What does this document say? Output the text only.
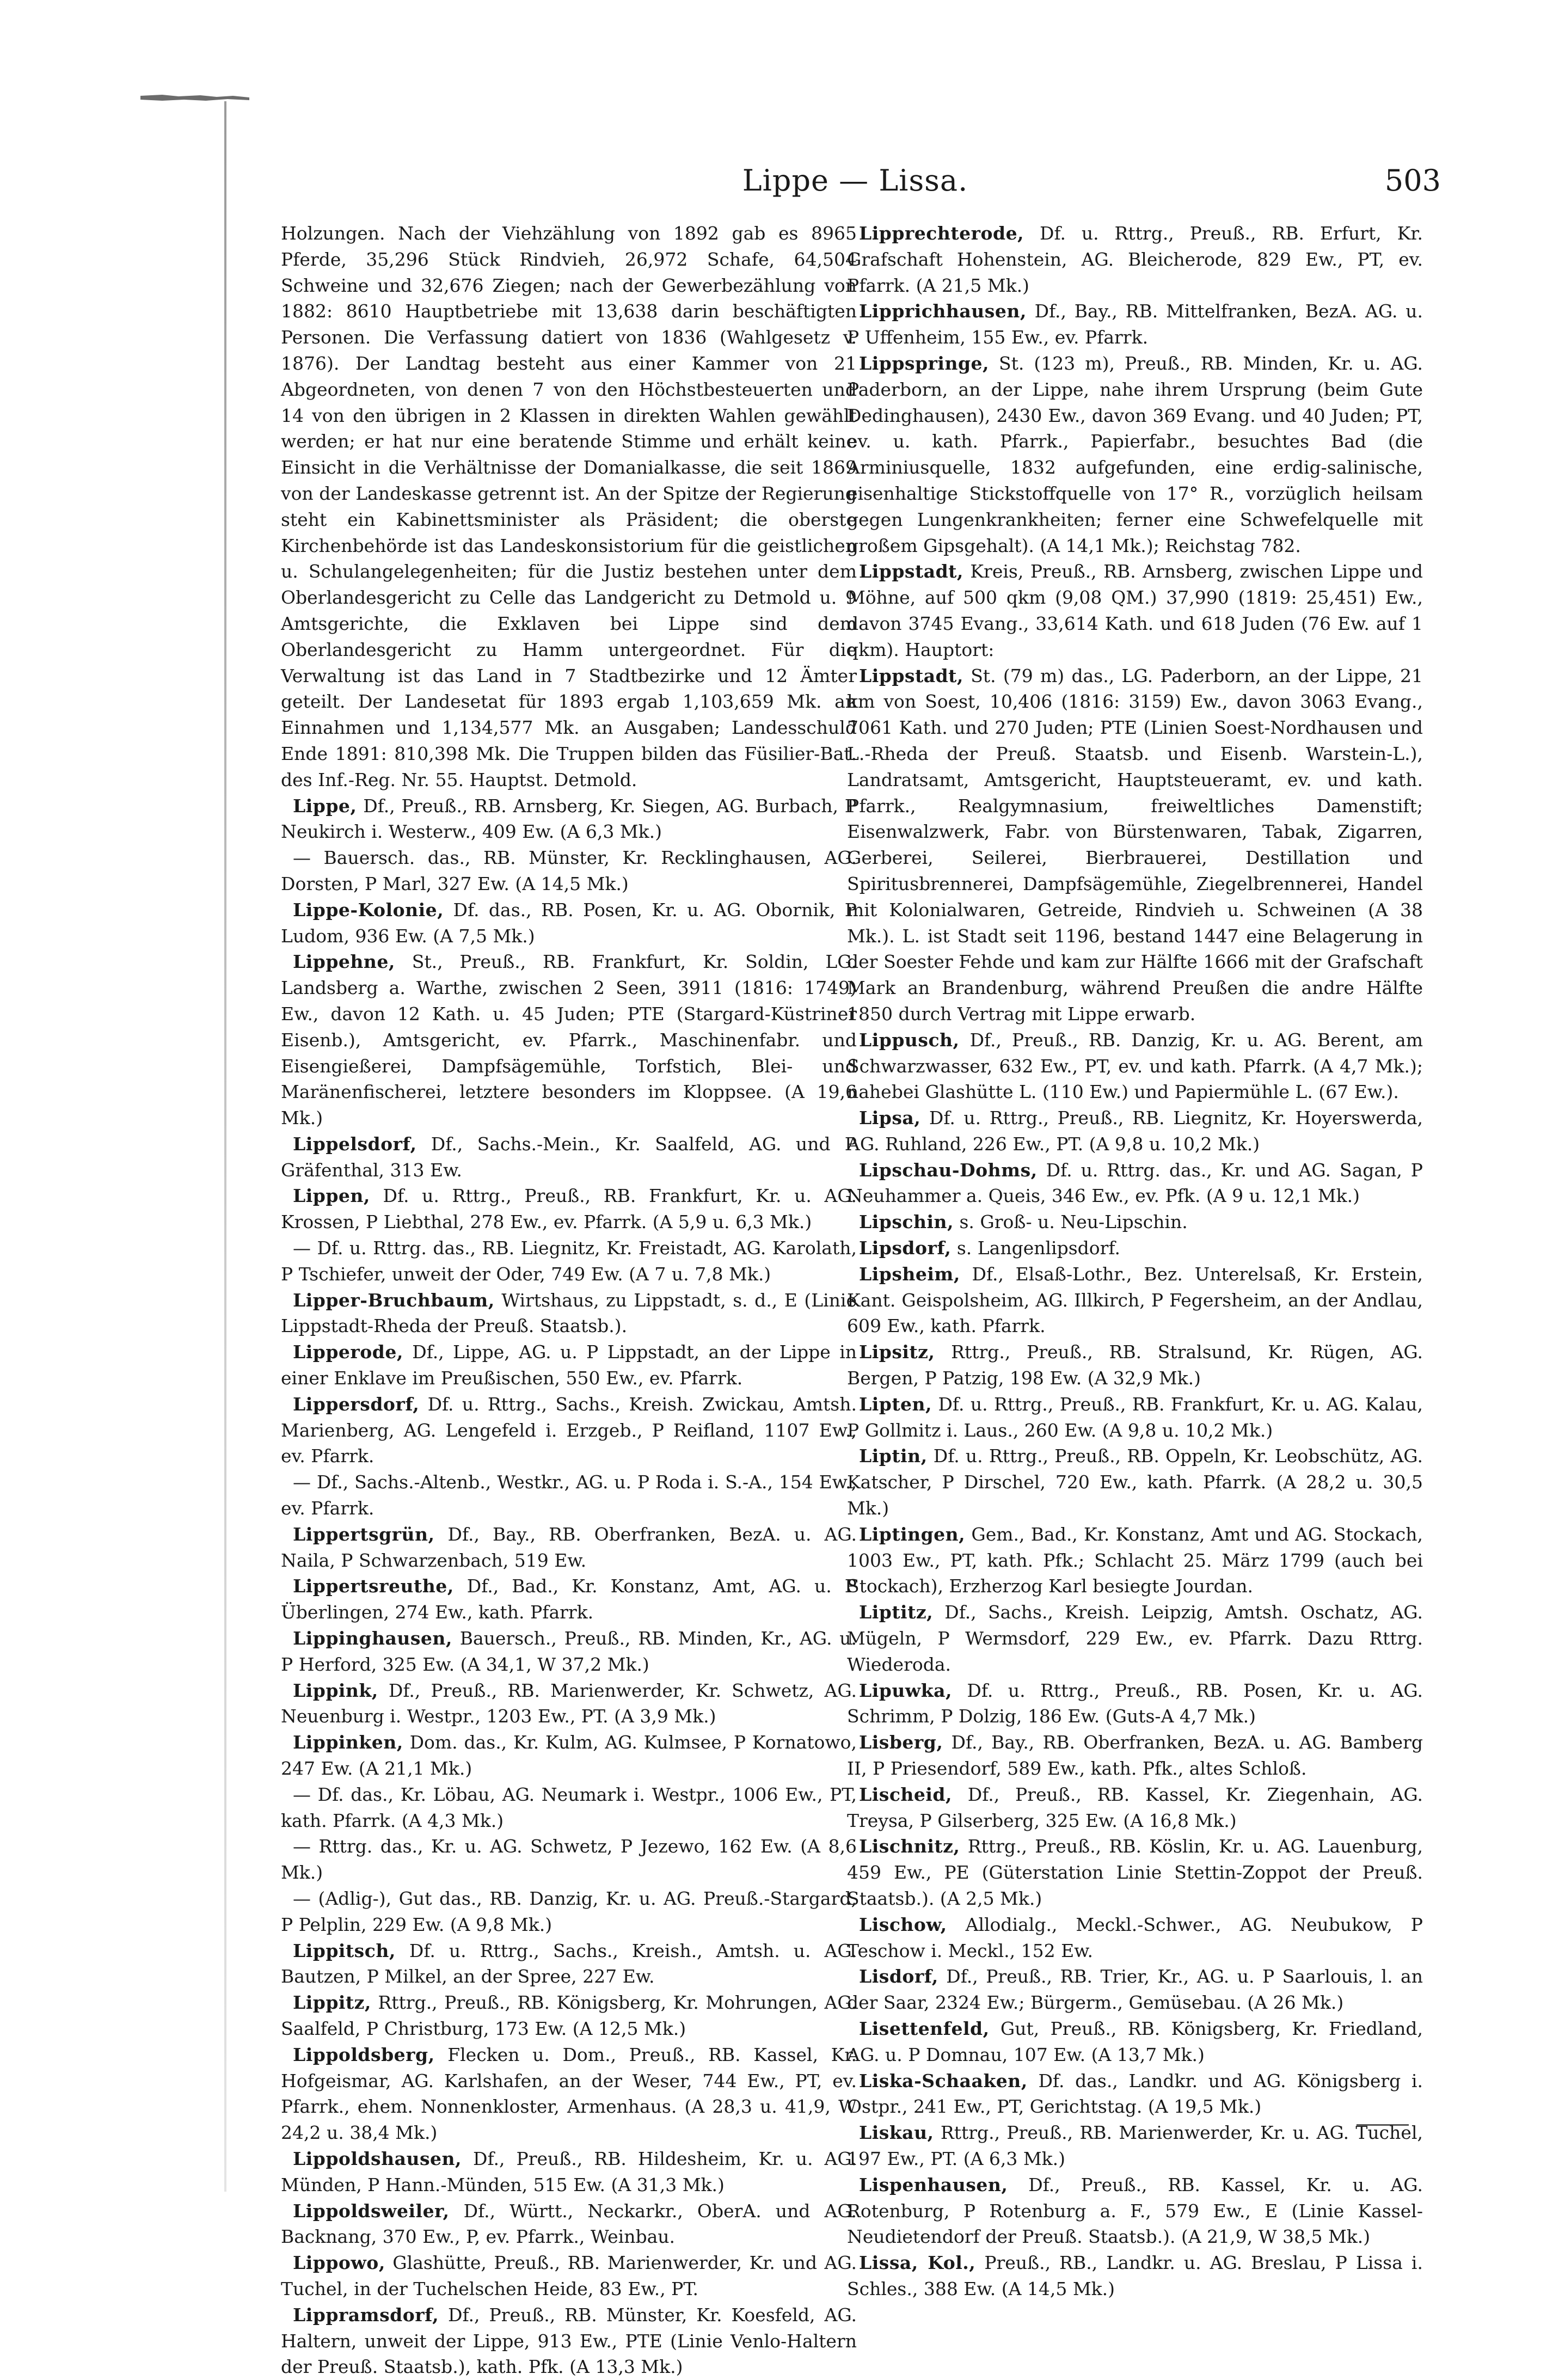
Lippe — Lissa.	503

Holzungen. Nach der Viehzählung von 1892 gab es 8965 Pferde, 35,296 Stück Rindvieh, 26,972 Schafe, 64,504 Schweine und 32,676 Ziegen; nach der Gewerbezählung von 1882: 8610 Hauptbetriebe mit 13,638 darin beschäftigten Personen. Die Verfassung datiert von 1836 (Wahlgesetz v. 1876). Der Landtag besteht aus einer Kammer von 21 Abgeordneten, von denen 7 von den Höchstbesteuerten und 14 von den übrigen in 2 Klassen in direkten Wahlen gewählt werden; er hat nur eine beratende Stimme und erhält keine Einsicht in die Verhältnisse der Domanialkasse, die seit 1869 von der Landeskasse getrennt ist. An der Spitze der Regierung steht ein Kabinettsminister als Präsident; die oberste Kirchenbehörde ist das Landeskonsistorium für die geistlichen u. Schulangelegenheiten; für die Justiz bestehen unter dem Oberlandesgericht zu Celle das Landgericht zu Detmold u. 9 Amtsgerichte, die Exklaven bei Lippe sind dem Oberlandesgericht zu Hamm untergeordnet. Für die Verwaltung ist das Land in 7 Stadtbezirke und 12 Ämter geteilt. Der Landesetat für 1893 ergab 1,103,659 Mk. an Einnahmen und 1,134,577 Mk. an Ausgaben; Landesschuld Ende 1891: 810,398 Mk. Die Truppen bilden das Füsilier-Bat. des Inf.-Reg. Nr. 55. Hauptst. Detmold.

Lippe, Df., Preuß., RB. Arnsberg, Kr. Siegen, AG. Burbach, P Neukirch i. Westerw., 409 Ew. (A 6,3 Mk.)

— Bauersch. das., RB. Münster, Kr. Recklinghausen, AG. Dorsten, P Marl, 327 Ew. (A 14,5 Mk.)

Lippe-Kolonie, Df. das., RB. Posen, Kr. u. AG. Obornik, P Ludom, 936 Ew. (A 7,5 Mk.)

Lippehne, St., Preuß., RB. Frankfurt, Kr. Soldin, LG. Landsberg a. Warthe, zwischen 2 Seen, 3911 (1816: 1749) Ew., davon 12 Kath. u. 45 Juden; PTE (Stargard-Küstriner Eisenb.), Amtsgericht, ev. Pfarrk., Maschinenfabr. und Eisengießerei, Dampfsägemühle, Torfstich, Blei- und Maränenfischerei, letztere besonders im Kloppsee. (A 19,6 Mk.)

Lippelsdorf, Df., Sachs.-Mein., Kr. Saalfeld, AG. und P Gräfenthal, 313 Ew.

Lippen, Df. u. Rttrg., Preuß., RB. Frankfurt, Kr. u. AG. Krossen, P Liebthal, 278 Ew., ev. Pfarrk. (A 5,9 u. 6,3 Mk.)

— Df. u. Rttrg. das., RB. Liegnitz, Kr. Freistadt, AG. Karolath, P Tschiefer, unweit der Oder, 749 Ew. (A 7 u. 7,8 Mk.)

Lipper-Bruchbaum, Wirtshaus, zu Lippstadt, s. d., E (Linie Lippstadt-Rheda der Preuß. Staatsb.).

Lipperode, Df., Lippe, AG. u. P Lippstadt, an der Lippe in einer Enklave im Preußischen, 550 Ew., ev. Pfarrk.

Lippersdorf, Df. u. Rttrg., Sachs., Kreish. Zwickau, Amtsh. Marienberg, AG. Lengefeld i. Erzgeb., P Reifland, 1107 Ew., ev. Pfarrk.

— Df., Sachs.-Altenb., Westkr., AG. u. P Roda i. S.-A., 154 Ew., ev. Pfarrk.

Lippertsgrün, Df., Bay., RB. Oberfranken, BezA. u. AG. Naila, P Schwarzenbach, 519 Ew.

Lippertsreuthe, Df., Bad., Kr. Konstanz, Amt, AG. u. P Überlingen, 274 Ew., kath. Pfarrk.

Lippinghausen, Bauersch., Preuß., RB. Minden, Kr., AG. u. P Herford, 325 Ew. (A 34,1, W 37,2 Mk.)

Lippink, Df., Preuß., RB. Marienwerder, Kr. Schwetz, AG. Neuenburg i. Westpr., 1203 Ew., PT. (A 3,9 Mk.)

Lippinken, Dom. das., Kr. Kulm, AG. Kulmsee, P Kornatowo, 247 Ew. (A 21,1 Mk.)

— Df. das., Kr. Löbau, AG. Neumark i. Westpr., 1006 Ew., PT, kath. Pfarrk. (A 4,3 Mk.)

— Rttrg. das., Kr. u. AG. Schwetz, P Jezewo, 162 Ew. (A 8,6 Mk.)

— (Adlig-), Gut das., RB. Danzig, Kr. u. AG. Preuß.-Stargard, P Pelplin, 229 Ew. (A 9,8 Mk.)

Lippitsch, Df. u. Rttrg., Sachs., Kreish., Amtsh. u. AG. Bautzen, P Milkel, an der Spree, 227 Ew.

Lippitz, Rttrg., Preuß., RB. Königsberg, Kr. Mohrungen, AG. Saalfeld, P Christburg, 173 Ew. (A 12,5 Mk.)

Lippoldsberg, Flecken u. Dom., Preuß., RB. Kassel, Kr. Hofgeismar, AG. Karlshafen, an der Weser, 744 Ew., PT, ev. Pfarrk., ehem. Nonnenkloster, Armenhaus. (A 28,3 u. 41,9, W 24,2 u. 38,4 Mk.)

Lippoldshausen, Df., Preuß., RB. Hildesheim, Kr. u. AG. Münden, P Hann.-Münden, 515 Ew. (A 31,3 Mk.)

Lippoldsweiler, Df., Württ., Neckarkr., OberA. und AG. Backnang, 370 Ew., P, ev. Pfarrk., Weinbau.

Lippowo, Glashütte, Preuß., RB. Marienwerder, Kr. und AG. Tuchel, in der Tuchelschen Heide, 83 Ew., PT.

Lippramsdorf, Df., Preuß., RB. Münster, Kr. Koesfeld, AG. Haltern, unweit der Lippe, 913 Ew., PTE (Linie Venlo-Haltern der Preuß. Staatsb.), kath. Pfk. (A 13,3 Mk.)

Lipprechterode, Df. u. Rttrg., Preuß., RB. Erfurt, Kr. Grafschaft Hohenstein, AG. Bleicherode, 829 Ew., PT, ev. Pfarrk. (A 21,5 Mk.)

Lipprichhausen, Df., Bay., RB. Mittelfranken, BezA. AG. u. P Uffenheim, 155 Ew., ev. Pfarrk.

Lippspringe, St. (123 m), Preuß., RB. Minden, Kr. u. AG. Paderborn, an der Lippe, nahe ihrem Ursprung (beim Gute Dedinghausen), 2430 Ew., davon 369 Evang. und 40 Juden; PT, ev. u. kath. Pfarrk., Papierfabr., besuchtes Bad (die Arminiusquelle, 1832 aufgefunden, eine erdig-salinische, eisenhaltige Stickstoffquelle von 17° R., vorzüglich heilsam gegen Lungenkrankheiten; ferner eine Schwefelquelle mit großem Gipsgehalt). (A 14,1 Mk.); Reichstag 782.

Lippstadt, Kreis, Preuß., RB. Arnsberg, zwischen Lippe und Möhne, auf 500 qkm (9,08 QM.) 37,990 (1819: 25,451) Ew., davon 3745 Evang., 33,614 Kath. und 618 Juden (76 Ew. auf 1 qkm). Hauptort:

Lippstadt, St. (79 m) das., LG. Paderborn, an der Lippe, 21 km von Soest, 10,406 (1816: 3159) Ew., davon 3063 Evang., 7061 Kath. und 270 Juden; PTE (Linien Soest-Nordhausen und L.-Rheda der Preuß. Staatsb. und Eisenb. Warstein-L.), Landratsamt, Amtsgericht, Hauptsteueramt, ev. und kath. Pfarrk., Realgymnasium, freiweltliches Damenstift; Eisenwalzwerk, Fabr. von Bürstenwaren, Tabak, Zigarren, Gerberei, Seilerei, Bierbrauerei, Destillation und Spiritusbrennerei, Dampfsägemühle, Ziegelbrennerei, Handel mit Kolonialwaren, Getreide, Rindvieh u. Schweinen (A 38 Mk.). L. ist Stadt seit 1196, bestand 1447 eine Belagerung in der Soester Fehde und kam zur Hälfte 1666 mit der Grafschaft Mark an Brandenburg, während Preußen die andre Hälfte 1850 durch Vertrag mit Lippe erwarb.

Lippusch, Df., Preuß., RB. Danzig, Kr. u. AG. Berent, am Schwarzwasser, 632 Ew., PT, ev. und kath. Pfarrk. (A 4,7 Mk.); nahebei Glashütte L. (110 Ew.) und Papiermühle L. (67 Ew.).

Lipsa, Df. u. Rttrg., Preuß., RB. Liegnitz, Kr. Hoyerswerda, AG. Ruhland, 226 Ew., PT. (A 9,8 u. 10,2 Mk.)

Lipschau-Dohms, Df. u. Rttrg. das., Kr. und AG. Sagan, P Neuhammer a. Queis, 346 Ew., ev. Pfk. (A 9 u. 12,1 Mk.)

Lipschin, s. Groß- u. Neu-Lipschin.

Lipsdorf, s. Langenlipsdorf.

Lipsheim, Df., Elsaß-Lothr., Bez. Unterelsaß, Kr. Erstein, Kant. Geispolsheim, AG. Illkirch, P Fegersheim, an der Andlau, 609 Ew., kath. Pfarrk.

Lipsitz, Rttrg., Preuß., RB. Stralsund, Kr. Rügen, AG. Bergen, P Patzig, 198 Ew. (A 32,9 Mk.)

Lipten, Df. u. Rttrg., Preuß., RB. Frankfurt, Kr. u. AG. Kalau, P Gollmitz i. Laus., 260 Ew. (A 9,8 u. 10,2 Mk.)

Liptin, Df. u. Rttrg., Preuß., RB. Oppeln, Kr. Leobschütz, AG. Katscher, P Dirschel, 720 Ew., kath. Pfarrk. (A 28,2 u. 30,5 Mk.)

Liptingen, Gem., Bad., Kr. Konstanz, Amt und AG. Stockach, 1003 Ew., PT, kath. Pfk.; Schlacht 25. März 1799 (auch bei Stockach), Erzherzog Karl besiegte Jourdan.

Liptitz, Df., Sachs., Kreish. Leipzig, Amtsh. Oschatz, AG. Mügeln, P Wermsdorf, 229 Ew., ev. Pfarrk. Dazu Rttrg. Wiederoda.

Lipuwka, Df. u. Rttrg., Preuß., RB. Posen, Kr. u. AG. Schrimm, P Dolzig, 186 Ew. (Guts-A 4,7 Mk.)

Lisberg, Df., Bay., RB. Oberfranken, BezA. u. AG. Bamberg II, P Priesendorf, 589 Ew., kath. Pfk., altes Schloß.

Lischeid, Df., Preuß., RB. Kassel, Kr. Ziegenhain, AG. Treysa, P Gilserberg, 325 Ew. (A 16,8 Mk.)

Lischnitz, Rttrg., Preuß., RB. Köslin, Kr. u. AG. Lauenburg, 459 Ew., PE (Güterstation Linie Stettin-Zoppot der Preuß. Staatsb.). (A 2,5 Mk.)

Lischow, Allodialg., Meckl.-Schwer., AG. Neubukow, P Teschow i. Meckl., 152 Ew.

Lisdorf, Df., Preuß., RB. Trier, Kr., AG. u. P Saarlouis, l. an der Saar, 2324 Ew.; Bürgerm., Gemüsebau. (A 26 Mk.)

Lisettenfeld, Gut, Preuß., RB. Königsberg, Kr. Friedland, AG. u. P Domnau, 107 Ew. (A 13,7 Mk.)

Liska-Schaaken, Df. das., Landkr. und AG. Königsberg i. Ostpr., 241 Ew., PT, Gerichtstag. (A 19,5 Mk.)

Liskau, Rttrg., Preuß., RB. Marienwerder, Kr. u. AG. Tuchel, 197 Ew., PT. (A 6,3 Mk.)

Lispenhausen, Df., Preuß., RB. Kassel, Kr. u. AG. Rotenburg, P Rotenburg a. F., 579 Ew., E (Linie Kassel-Neudietendorf der Preuß. Staatsb.). (A 21,9, W 38,5 Mk.)

Lissa, Kol., Preuß., RB., Landkr. u. AG. Breslau, P Lissa i. Schles., 388 Ew. (A 14,5 Mk.)
